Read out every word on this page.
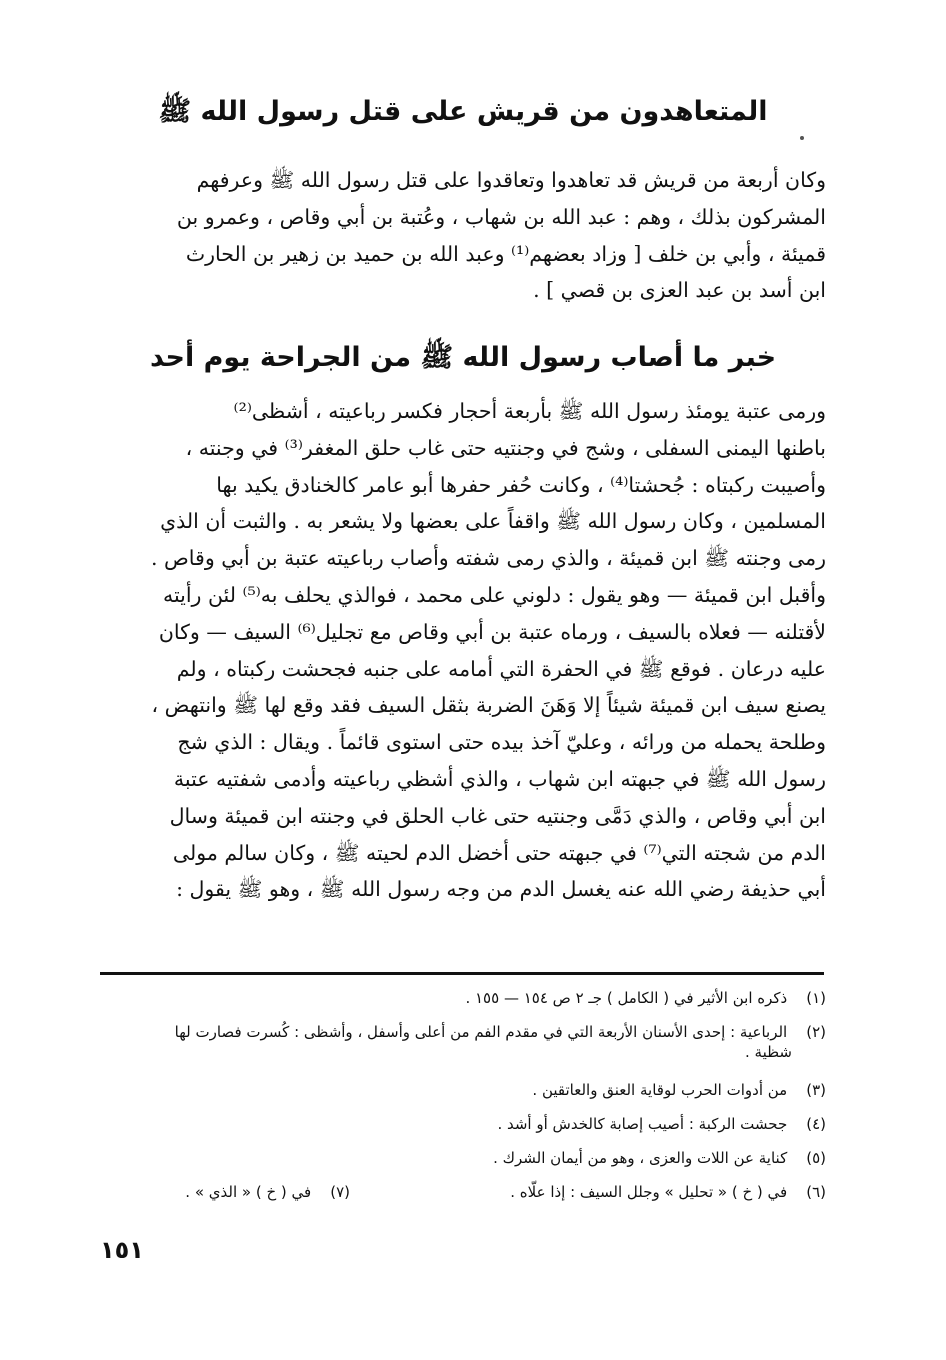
المتعاهدون من قريش على قتل رسول الله ﷺ
وكان أربعة من قريش قد تعاهدوا وتعاقدوا على قتل رسول الله ﷺ وعرفهم
المشركون بذلك ، وهم : عبد الله بن شهاب ، وعُتبة بن أبي وقاص ، وعمرو بن
قميئة ، وأبي بن خلف [ وزاد بعضهم⁽¹⁾ وعبد الله بن حميد بن زهير بن الحارث
ابن أسد بن عبد العزى بن قصي ] .
خبر ما أصاب رسول الله ﷺ من الجراحة يوم أحد
ورمى عتبة يومئذ رسول الله ﷺ بأربعة أحجار فكسر رباعيته ، أشظى⁽²⁾
باطنها اليمنى السفلى ، وشج في وجنتيه حتى غاب حلق المغفر⁽³⁾ في وجنته ،
وأصيبت ركبتاه : جُحشتا⁽⁴⁾ ، وكانت حُفر حفرها أبو عامر كالخنادق يكيد بها
المسلمين ، وكان رسول الله ﷺ واقفاً على بعضها ولا يشعر به . والثبت أن الذي
رمى وجنته ﷺ ابن قميئة ، والذي رمى شفته وأصاب رباعيته عتبة بن أبي وقاص .
وأقبل ابن قميئة — وهو يقول : دلوني على محمد ، فوالذي يحلف به⁽⁵⁾ لئن رأيته
لأقتلنه — فعلاه بالسيف ، ورماه عتبة بن أبي وقاص مع تجليل⁽⁶⁾ السيف — وكان
عليه درعان . فوقع ﷺ في الحفرة التي أمامه على جنبه فجحشت ركبتاه ، ولم
يصنع سيف ابن قميئة شيئاً إلا وَهَنَ الضربة بثقل السيف فقد وقع لها ﷺ وانتهض ،
وطلحة يحمله من ورائه ، وعليّ آخذ بيده حتى استوى قائماً . ويقال : الذي شج
رسول الله ﷺ في جبهته ابن شهاب ، والذي أشظي رباعيته وأدمى شفتيه عتبة
ابن أبي وقاص ، والذي دَمَّى وجنتيه حتى غاب الحلق في وجنته ابن قميئة وسال
الدم من شجته التي⁽⁷⁾ في جبهته حتى أخضل الدم لحيته ﷺ ، وكان سالم مولى
أبي حذيفة رضي الله عنه يغسل الدم من وجه رسول الله ﷺ ، وهو ﷺ يقول :
(١) ذكره ابن الأثير في ( الكامل ) جـ ٢ ص ١٥٤ — ١٥٥ .
(٢) الرباعية : إحدى الأسنان الأربعة التي في مقدم الفم من أعلى وأسفل ، وأشظى : كُسرت فصارت لها
شظية .
(٣) من أدوات الحرب لوقاية العنق والعاتقين .
(٤) جحشت الركبة : أصيب إصابة كالخدش أو أشد .
(٥) كناية عن اللات والعزى ، وهو من أيمان الشرك .
(٦) في ( خ ) « تحليل » وجلل السيف : إذا علّاه .
(٧) في ( خ ) « الذي » .
١٥١
